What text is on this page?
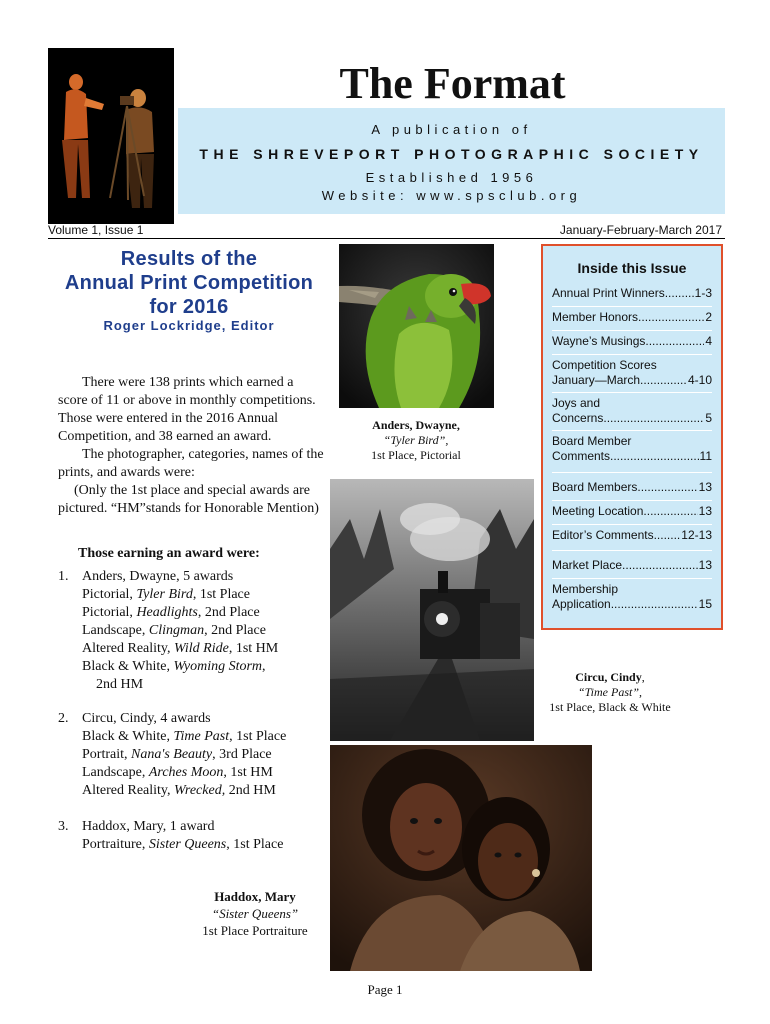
The Format
A publication of
THE SHREVEPORT PHOTOGRAPHIC SOCIETY
Established 1956
Website: www.spsclub.org
Volume 1, Issue 1	January-February-March 2017
Results of the
Annual Print Competition
for 2016
Roger Lockridge, Editor

There were 138 prints which earned a score of 11 or above in monthly competitions. Those were entered in the 2016 Annual Competition, and 38 earned an award.

The photographer, categories, names of the prints, and awards were:

(Only the 1st place and special awards are pictured. “HM”stands for Honorable Mention)

Those earning an award were:
1. Anders, Dwayne, 5 awards
Pictorial, Tyler Bird, 1st Place
Pictorial, Headlights, 2nd Place
Landscape, Clingman, 2nd Place
Altered Reality, Wild Ride, 1st HM
Black & White, Wyoming Storm,
2nd HM
2. Circu, Cindy, 4 awards
Black & White, Time Past, 1st Place
Portrait, Nana's Beauty, 3rd Place
Landscape, Arches Moon, 1st HM
Altered Reality, Wrecked, 2nd HM
3. Haddox, Mary, 1 award
Portraiture, Sister Queens, 1st Place
Anders, Dwayne,
“Tyler Bird”,
1st Place, Pictorial
Haddox, Mary
“Sister Queens”
1st Place Portraiture
Circu, Cindy,
“Time Past”,
1st Place, Black & White
Inside this Issue
Annual Print Winners ..... 1-3
Member Honors .....	2
Wayne’s Musings .....	4
Competition Scores
January—March .....	4-10
Joys and
Concerns .....	5
Board Member
Comments .....	11
Board Members .....	13
Meeting Location .....	13
Editor’s Comments ..... 12-13
Market Place .....	13
Membership
Application .....	15
Page 1
